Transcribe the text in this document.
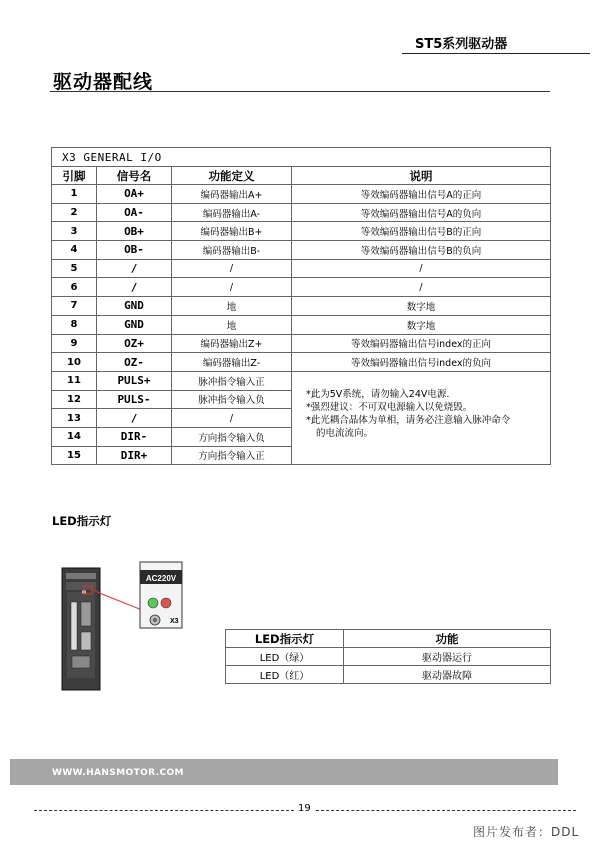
ST5系列驱动器
驱动器配线
X3 GENERAL I/O			
引脚	信号名	功能定义	说明
1	OA+	编码器输出A+	等效编码器输出信号A的正向
2	OA-	编码器输出A-	等效编码器输出信号A的负向
3	OB+	编码器输出B+	等效编码器输出信号B的正向
4	OB-	编码器输出B-	等效编码器输出信号B的负向
5	/	/	/
6	/	/	/
7	GND	地	数字地
8	GND	地	数字地
9	OZ+	编码器输出Z+	等效编码器输出信号index的正向
10	OZ-	编码器输出Z-	等效编码器输出信号index的负向
11	PULS+	脉冲指令输入正	*此为5V系统，请勿输入24V电源.
*强烈建议：不可双电源输入以免烧毁。
*此光耦合晶体为单相，请务必注意输入脉冲命令
的电流流向。

12	PULS-	脉冲指令输入负	
13	/	/	
14	DIR-	方向指令输入负	
15	DIR+	方向指令输入正	
LED指示灯
AC220V
X3
LED指示灯	功能
LED（绿）	驱动器运行
LED（红）	驱动器故障
WWW.HANSMOTOR.COM
19
图片发布者：DDL
